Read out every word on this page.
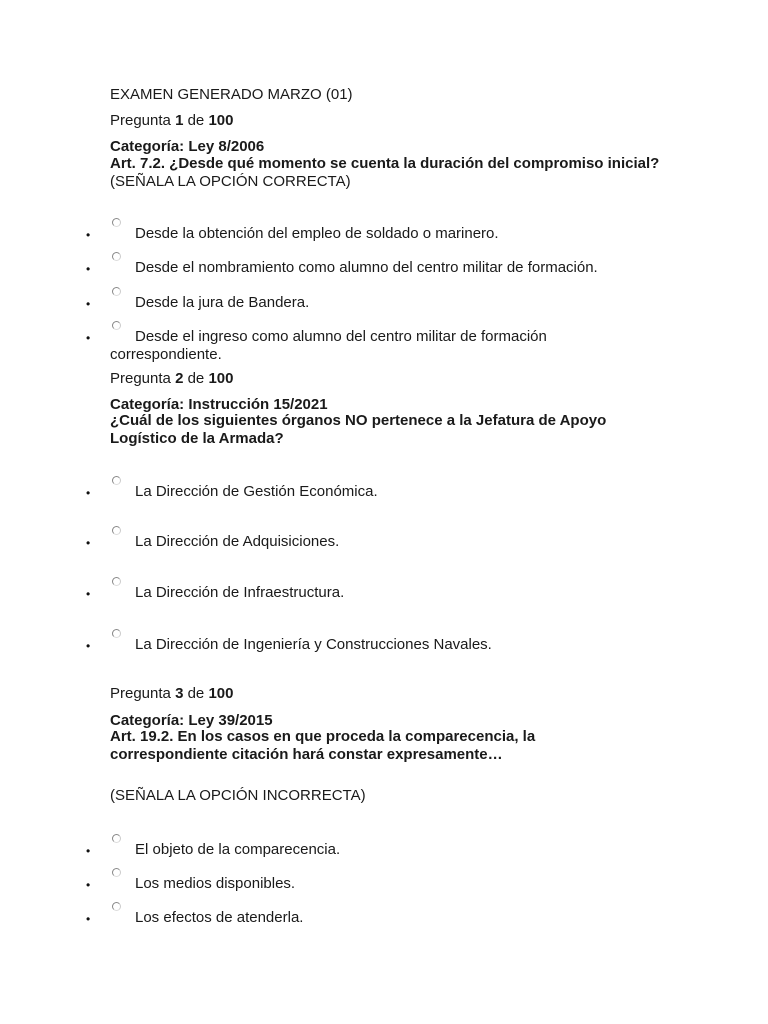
EXAMEN GENERADO MARZO (01)
Pregunta 1 de 100
Categoría: Ley 8/2006
Art. 7.2. ¿Desde qué momento se cuenta la duración del compromiso inicial?(SEÑALA LA OPCIÓN CORRECTA)
•	Desde la obtención del empleo de soldado o marinero.
•	Desde el nombramiento como alumno del centro militar de formación.
•	Desde la jura de Bandera.
•	Desde el ingreso como alumno del centro militar de formación correspondiente.
Pregunta 2 de 100
Categoría: Instrucción 15/2021
¿Cuál de los siguientes órganos NO pertenece a la Jefatura de Apoyo Logístico de la Armada?
•	La Dirección de Gestión Económica.
•	La Dirección de Adquisiciones.
•	La Dirección de Infraestructura.
•	La Dirección de Ingeniería y Construcciones Navales.
Pregunta 3 de 100
Categoría: Ley 39/2015
Art. 19.2. En los casos en que proceda la comparecencia, la correspondiente citación hará constar expresamente…
(SEÑALA LA OPCIÓN INCORRECTA)
•	El objeto de la comparecencia.
•	Los medios disponibles.
•	Los efectos de atenderla.
